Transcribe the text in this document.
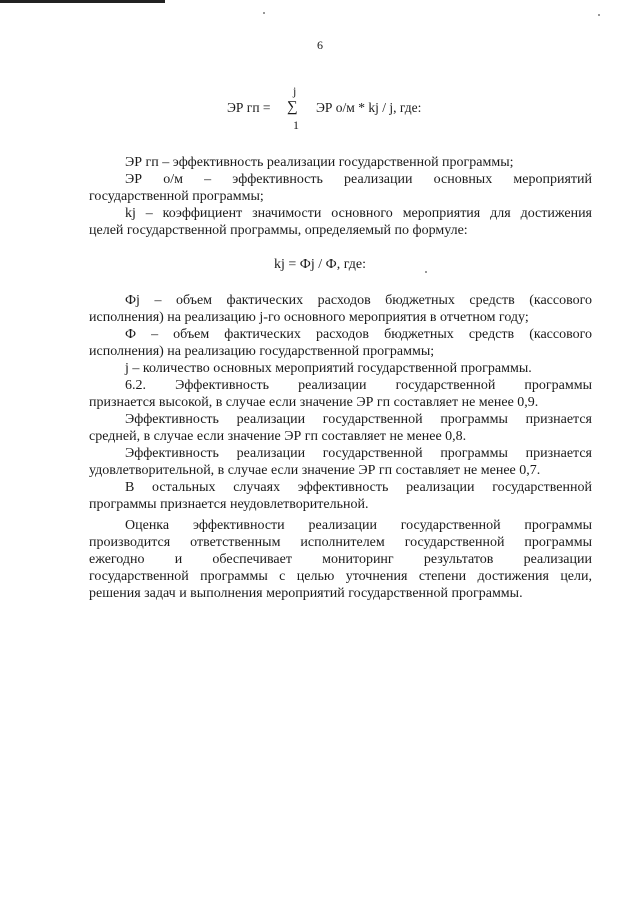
6
ЭР гп =
j
∑
1
ЭР о/м * kj / j, где:
ЭР гп – эффективность реализации государственной программы;
ЭР о/м – эффективность реализации основных мероприятий
государственной программы;
kj – коэффициент значимости основного мероприятия для достижения
целей государственной программы, определяемый по формуле:
kj = Фj / Ф, где:
Фj – объем фактических расходов бюджетных средств (кассового
исполнения) на реализацию j-го основного мероприятия в отчетном году;
Ф – объем фактических расходов бюджетных средств (кассового
исполнения) на реализацию государственной программы;
j – количество основных мероприятий государственной программы.
6.2. Эффективность реализации государственной программы
признается высокой, в случае если значение ЭР гп составляет не менее 0,9.
Эффективность реализации государственной программы признается
средней, в случае если значение ЭР гп составляет не менее 0,8.
Эффективность реализации государственной программы признается
удовлетворительной, в случае если значение ЭР гп составляет не менее 0,7.
В остальных случаях эффективность реализации государственной
программы признается неудовлетворительной.
Оценка эффективности реализации государственной программы
производится ответственным исполнителем государственной программы
ежегодно и обеспечивает мониторинг результатов реализации
государственной программы с целью уточнения степени достижения цели,
решения задач и выполнения мероприятий государственной программы.
